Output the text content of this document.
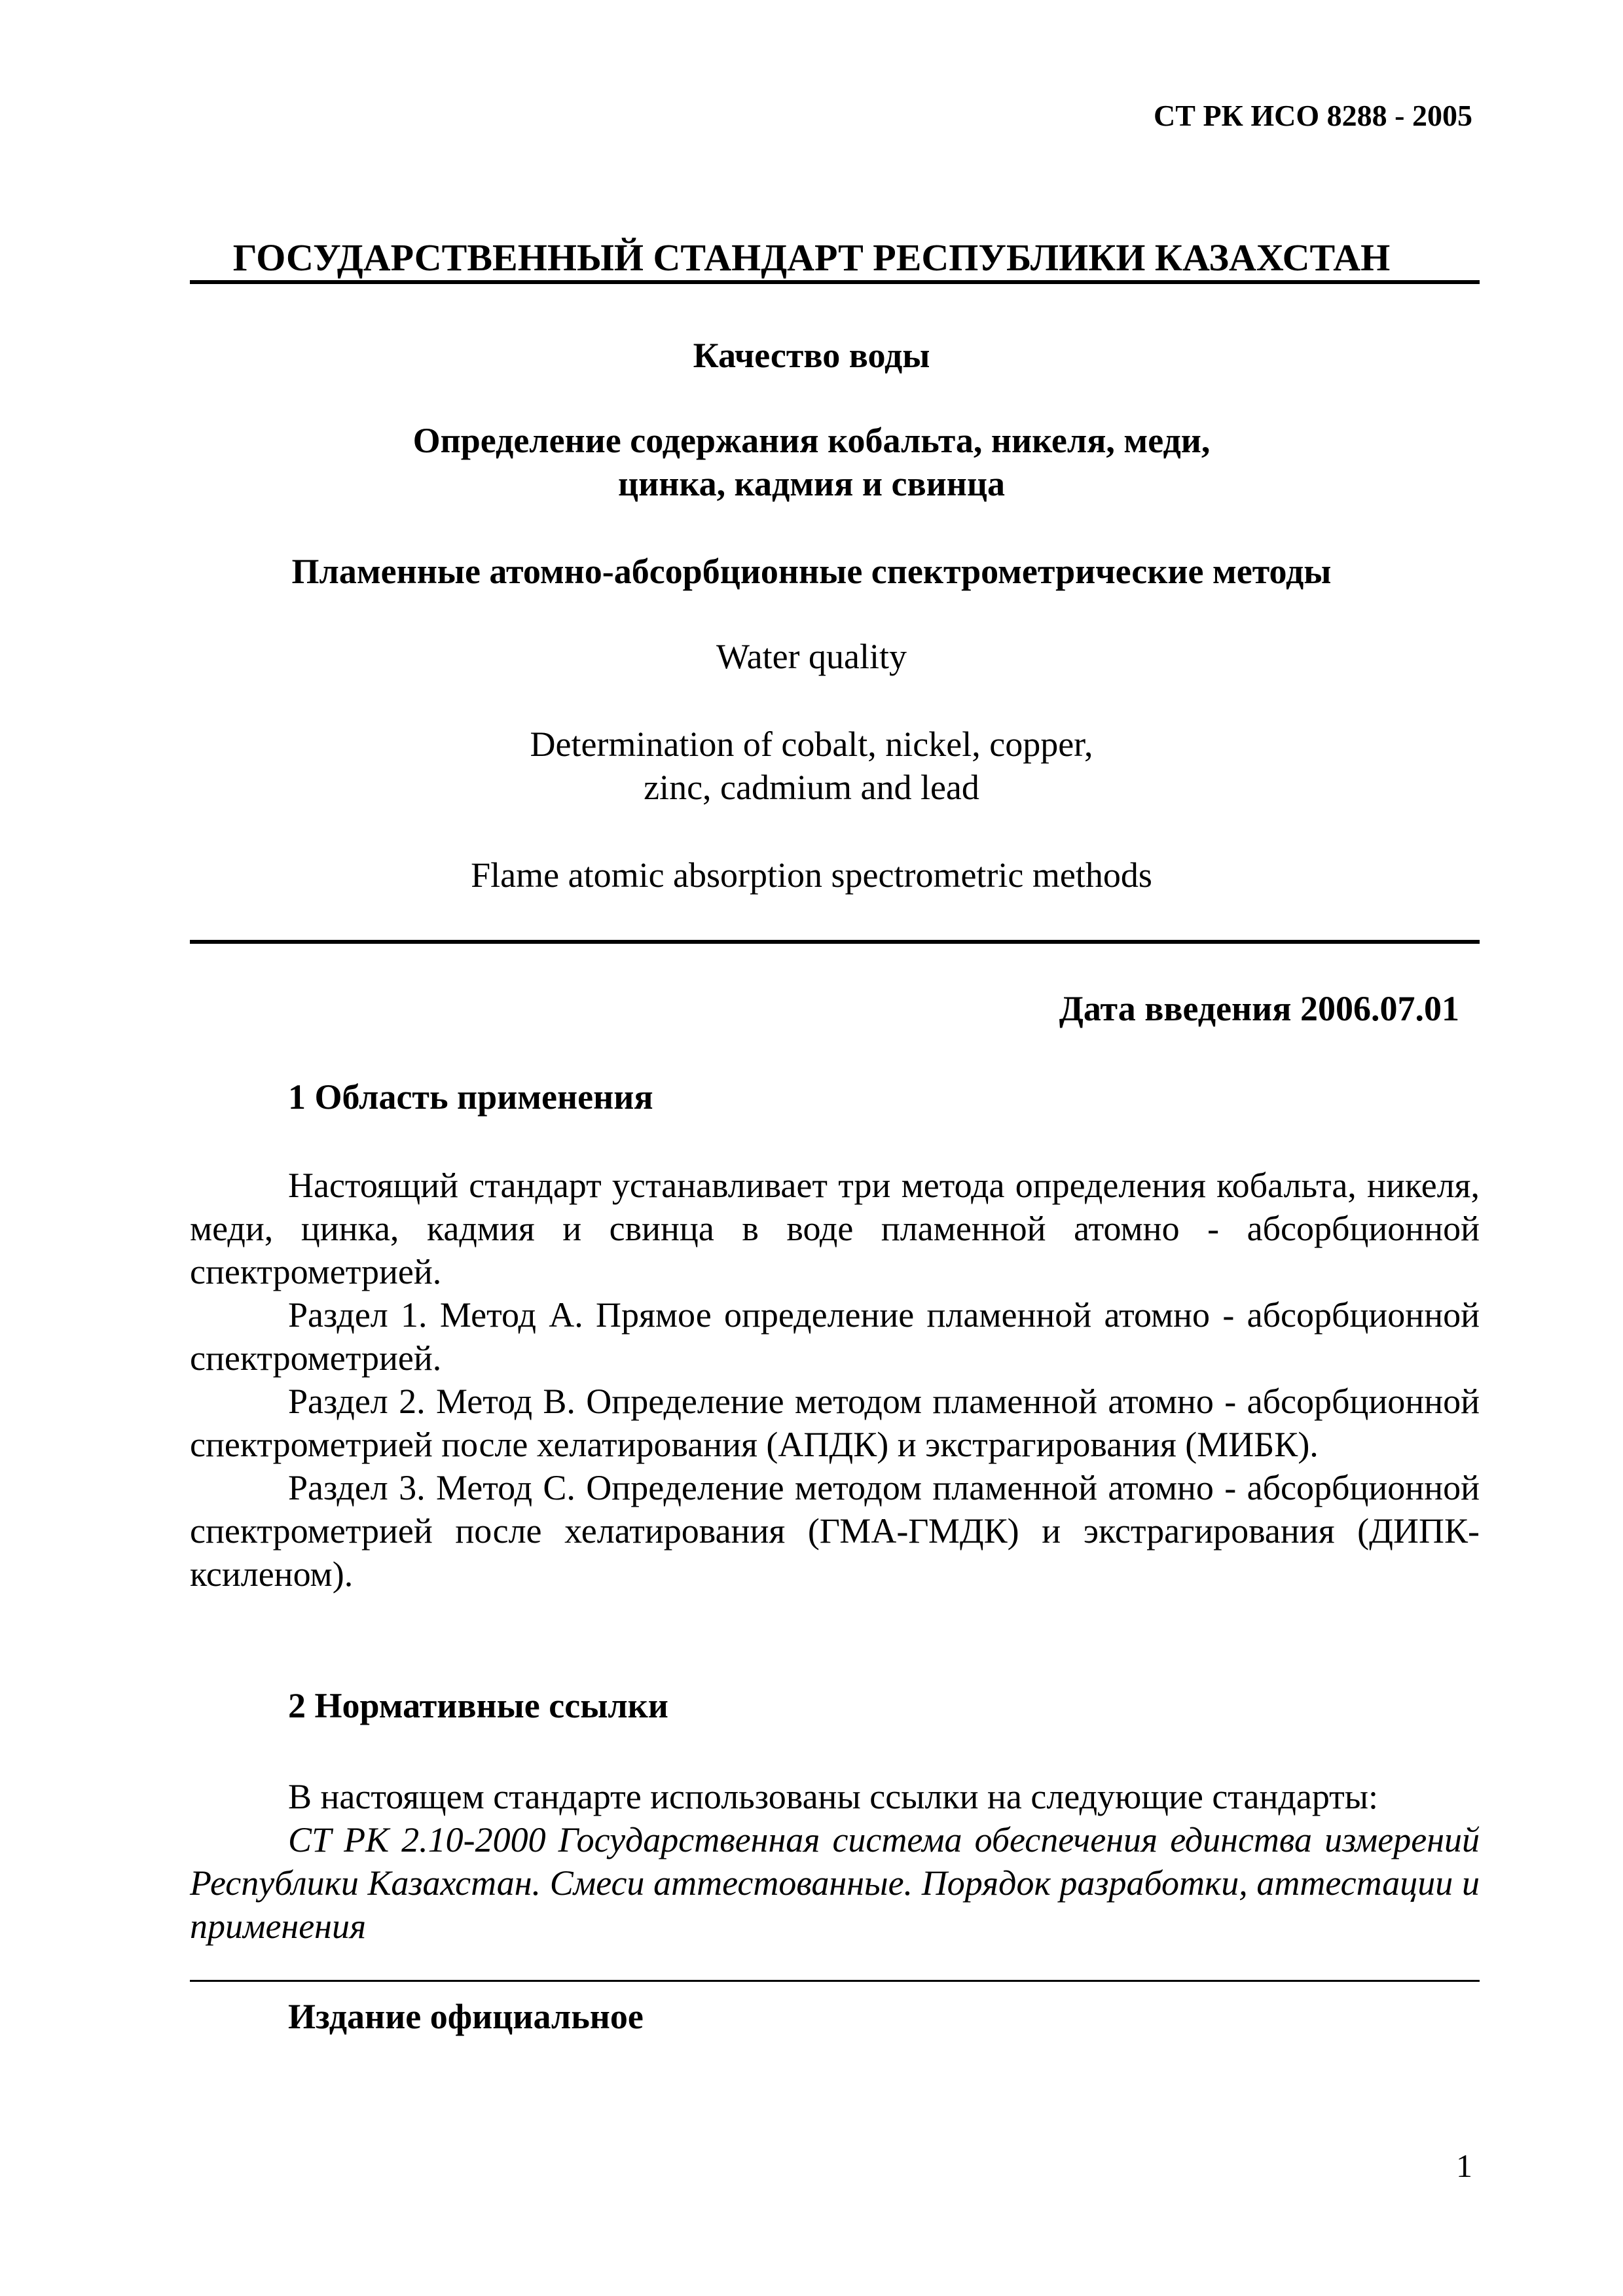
СТ РК ИСО 8288 - 2005
ГОСУДАРСТВЕННЫЙ СТАНДАРТ РЕСПУБЛИКИ КАЗАХСТАН
Качество воды
Определение содержания кобальта, никеля, меди,
цинка, кадмия и свинца
Пламенные атомно-абсорбционные спектрометрические методы
Water quality
Determination of cobalt, nickel, copper,
zinc, cadmium and lead
Flame atomic absorption spectrometric methods
Дата введения 2006.07.01
1 Область применения

Настоящий стандарт устанавливает три метода определения кобальта, никеля, меди, цинка, кадмия и свинца в воде пламенной атомно - абсорбционной спектрометрией.

Раздел 1. Метод А. Прямое определение пламенной атомно - абсорбционной спектрометрией.

Раздел 2. Метод В. Определение методом пламенной атомно - абсорбционной спектрометрией после хелатирования (АПДК) и экстрагирования (МИБК).

Раздел 3. Метод С. Определение методом пламенной атомно - абсорбционной спектрометрией после хелатирования (ГМА-ГМДК) и экстрагирования (ДИПК-ксиленом).

2 Нормативные ссылки

В настоящем стандарте использованы ссылки на следующие стандарты:

СТ РК 2.10-2000 Государственная система обеспечения единства измерений Республики Казахстан. Смеси аттестованные. Порядок разработки, аттестации и применения

Издание официальное
1
